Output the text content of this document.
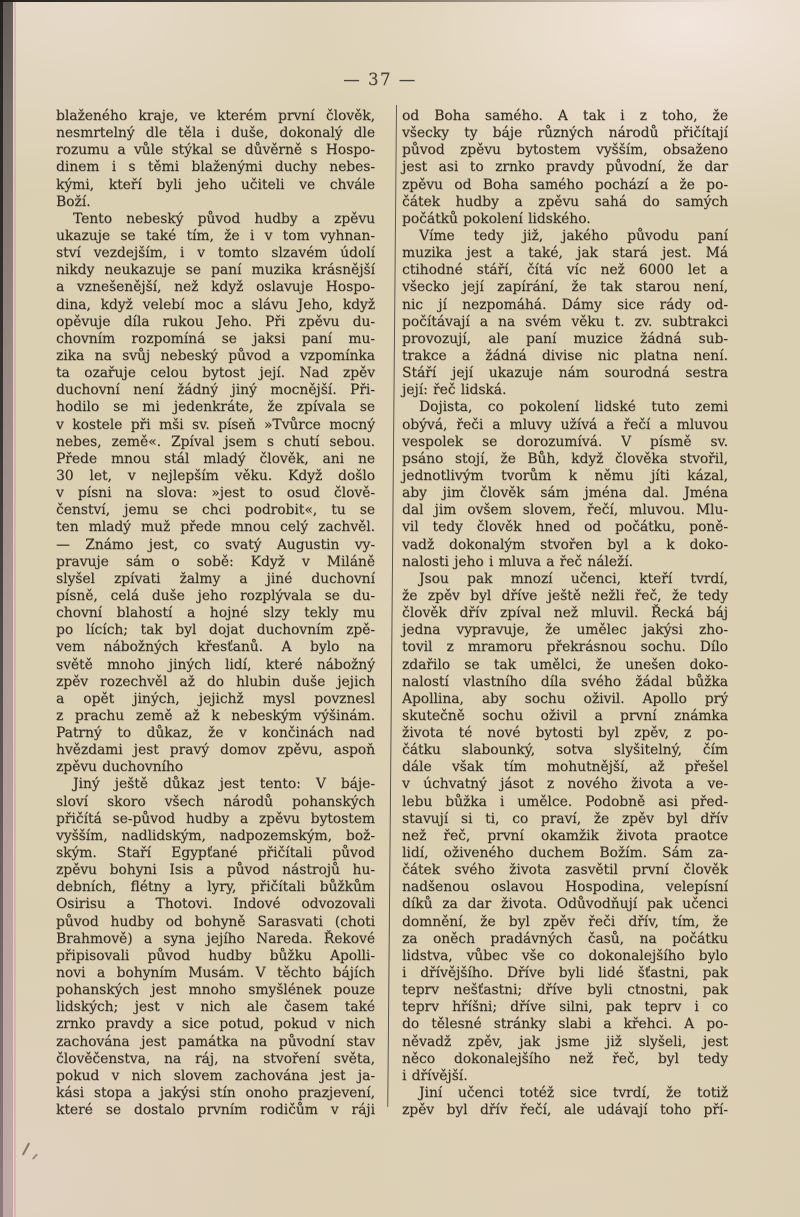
— 37 —
blaženého kraje, ve kterém první člověk,
nesmrtelný dle těla i duše, dokonalý dle
rozumu a vůle stýkal se důvěrně s Hospo-
dinem i s těmi blaženými duchy nebes-
kými, kteří byli jeho učiteli ve chvále
Boží.
Tento nebeský původ hudby a zpěvu
ukazuje se také tím, že i v tom vyhnan-
ství vezdejším, i v tomto slzavém údolí
nikdy neukazuje se paní muzika krásnější
a vznešenější, než když oslavuje Hospo-
dina, když velebí moc a slávu Jeho, když
opěvuje díla rukou Jeho. Při zpěvu du-
chovním rozpomíná se jaksi paní mu-
zika na svůj nebeský původ a vzpomínka
ta ozařuje celou bytost její. Nad zpěv
duchovní není žádný jiný mocnější. Při-
hodilo se mi jedenkráte, že zpívala se
v kostele při mši sv. píseň »Tvůrce mocný
nebes, země«. Zpíval jsem s chutí sebou.
Přede mnou stál mladý člověk, ani ne
30 let, v nejlepším věku. Když došlo
v písni na slova: »jest to osud člově-
čenství, jemu se chci podrobit«, tu se
ten mladý muž přede mnou celý zachvěl.
— Známo jest, co svatý Augustin vy-
pravuje sám o sobě: Když v Miláně
slyšel zpívati žalmy a jiné duchovní
písně, celá duše jeho rozplývala se du-
chovní blahostí a hojné slzy tekly mu
po lících; tak byl dojat duchovním zpě-
vem nábožných křesťanů. A bylo na
světě mnoho jiných lidí, které nábožný
zpěv rozechvěl až do hlubin duše jejich
a opět jiných, jejichž mysl povznesl
z prachu země až k nebeským výšinám.
Patrný to důkaz, že v končinách nad
hvězdami jest pravý domov zpěvu, aspoň
zpěvu duchovního
Jiný ještě důkaz jest tento: V báje-
sloví skoro všech národů pohanských
přičítá se-původ hudby a zpěvu bytostem
vyšším, nadlidským, nadpozemským, bož-
ským. Staří Egypťané přičítali původ
zpěvu bohyni Isis a původ nástrojů hu-
debních, flétny a lyry, přičítali bůžkům
Osirisu a Thotovi. Indové odvozovali
původ hudby od bohyně Sarasvati (choti
Brahmově) a syna jejího Nareda. Řekové
připisovali původ hudby bůžku Apolli-
novi a bohyním Musám. V těchto bájích
pohanských jest mnoho smyšlének pouze
lidských; jest v nich ale časem také
zrnko pravdy a sice potud, pokud v nich
zachována jest památka na původní stav
člověčenstva, na ráj, na stvoření světa,
pokud v nich slovem zachována jest ja-
kási stopa a jakýsi stín onoho prazjevení,
které se dostalo prvním rodičům v ráji
od Boha samého. A tak i z toho, že
všecky ty báje různých národů přičítají
původ zpěvu bytostem vyšším, obsaženo
jest asi to zrnko pravdy původní, že dar
zpěvu od Boha samého pochází a že po-
čátek hudby a zpěvu sahá do samých
počátků pokolení lidského.
Víme tedy již, jakého původu paní
muzika jest a také, jak stará jest. Má
ctihodné stáří, čítá víc než 6000 let a
všecko její zapírání, že tak starou není,
nic jí nezpomáhá. Dámy sice rády od-
počítávají a na svém věku t. zv. subtrakci
provozují, ale paní muzice žádná sub-
trakce a žádná divise nic platna není.
Stáří její ukazuje nám sourodná sestra
její: řeč lidská.
Dojista, co pokolení lidské tuto zemi
obývá, řeči a mluvy užívá a řečí a mluvou
vespolek se dorozumívá. V písmě sv.
psáno stojí, že Bůh, když člověka stvořil,
jednotlivým tvorům k němu jíti kázal,
aby jim člověk sám jména dal. Jména
dal jim ovšem slovem, řečí, mluvou. Mlu-
vil tedy člověk hned od počátku, poně-
vadž dokonalým stvořen byl a k doko-
nalosti jeho i mluva a řeč náleží.
Jsou pak mnozí učenci, kteří tvrdí,
že zpěv byl dříve ještě nežli řeč, že tedy
člověk dřív zpíval než mluvil. Řecká báj
jedna vypravuje, že umělec jakýsi zho-
tovil z mramoru překrásnou sochu. Dílo
zdařilo se tak umělci, že unešen doko-
nalostí vlastního díla svého žádal bůžka
Apollina, aby sochu oživil. Apollo prý
skutečně sochu oživil a první známka
života té nové bytosti byl zpěv, z po-
čátku slabounký, sotva slyšitelný, čím
dále však tím mohutnější, až přešel
v úchvatný jásot z nového života a ve-
lebu bůžka i umělce. Podobně asi před-
stavují si ti, co praví, že zpěv byl dřív
než řeč, první okamžik života praotce
lidí, oživeného duchem Božím. Sám za-
čátek svého života zasvětil první člověk
nadšenou oslavou Hospodina, velepísní
díků za dar života. Odůvodňují pak učenci
domnění, že byl zpěv řeči dřív, tím, že
za oněch pradávných časů, na počátku
lidstva, vůbec vše co dokonalejšího bylo
i dřívějšího. Dříve byli lidé šťastni, pak
teprv nešťastni; dříve byli ctnostni, pak
teprv hříšni; dříve silni, pak teprv i co
do tělesné stránky slabi a křehci. A po-
něvadž zpěv, jak jsme již slyšeli, jest
něco dokonalejšího než řeč, byl tedy
i dřívější.
Jiní učenci totéž sice tvrdí, že totiž
zpěv byl dřív řečí, ale udávají toho pří-
